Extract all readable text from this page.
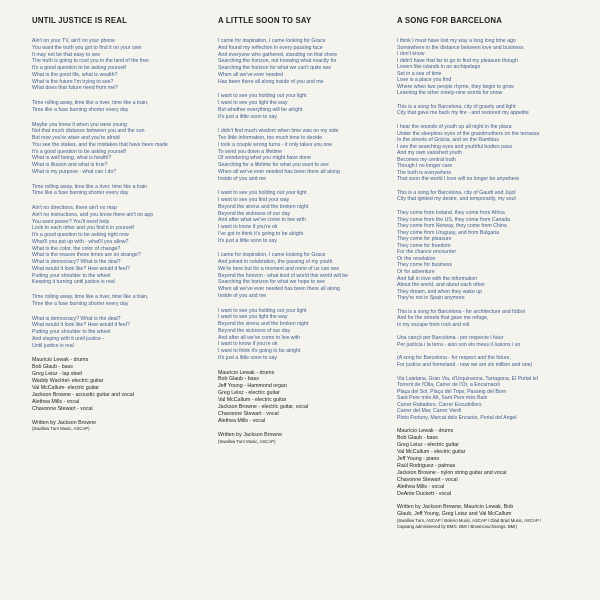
UNTIL JUSTICE IS REAL
Ain't on your TV, ain't on your phone
You want the truth you got to find it on your own
It may not be that easy to see
The truth is going to cost you in the land of the free
It's a good question to be asking yourself
What is the good life, what is wealth?
What is the future I'm trying to see?
What does that future need from me?
Time rolling away, time like a river, time like a train,
Time like a fuse burning shorter every day
Maybe you knew it when you were young
Not that much distance between you and the sun
But now you're wiser and you're afraid
You see the stakes, and the mistakes that have been made
It's a good question to be asking yourself
What is well being, what is health?
What is illusion and what is true?
What is my purpose - what can I do?
Time rolling away, time like a river, time like a train
Time like a fuse burning shorter every day
Ain't no directions, there ain't no map
Ain't no instructions, and you know there ain't no app
You want power? You'll need help
Look to each other and you find it in yourself
It's a good question to be asking right now
What'll you put up with - what'll you allow?
What is the color, the color of change?
What is the reason these times are so strange?
What is democracy? What is the deal?
What would it look like? How would it feel?
Putting your shoulder to the wheel
Keeping it turning until justice is real
Time rolling away, time like a river, time like a train,
Time like a fuse burning shorter every day
What is democracy? What is the deal?
What would it look like? How would it feel?
Putting your shoulder to the wheel
And staying with it until justice -
Until justice is real
Mauricio Lewak - drums
Bob Glaub - bass
Greg Leisz - lap steel
Waddy Wachtel- electric guitar
Val McCallum- electric guitar
Jackson Browne - acoustic guitar and vocal
Alethea Mills - vocal
Chavonne Stewart - vocal
Written by Jackson Browne
(Swallow Turn Music, ASCAP)
A LITTLE SOON TO SAY
I came for inspiration, I came looking for Grace
And found my reflection in every passing face
And everyone who gathered, standing on that shore
Searching the horizon, not knowing what exactly for
Searching the horizon for what we can't quite see
When all we've ever needed
Has been there all along inside of you and me
I want to see you holding out your light
I want to see you light the way
But whether everything will be alright
It's just a little soon to say
I didn't find much wisdom when time was on my side
Too little information, too much time to decide
I took a couple wrong turns - it only takes you one
To send you down a lifetime
Of wondering what you might have done
Searching for a lifetime for what you want to see
When all we've ever needed has been there all along
Inside of you and me
I want to see you holding out your light
I want to see you find your way
Beyond the sirens and the broken night
Beyond the sickness of our day
And after what we've come to live with
I want to know if you're ok
I've got to think it's going to be alright
It's just a little soon to say
I came for inspiration, I came looking for Grace
And joined in celebration, the passing of my youth
We're here but for a moment and none of us can see
Beyond the horizon - what kind of world this world will be
Searching the horizon for what we hope to see
When all we've ever needed has been there all along
Inside of you and me
I want to see you holding out your light
I want to see you light the way
Beyond the sirens and the broken night
Beyond the sickness of our day
And after all we've come to live with
I want to know if you're ok
I want to think it's going to be alright
It's just a little soon to say
Mauricio Lewak - drums
Bob Glaub - bass
Jeff Young - Hammond organ
Greg Leisz - electric guitar
Val McCallum - electric guitar
Jackson Browne - electric guitar, vocal
Chavonne Stewart - vocal
Alethea Mills - vocal
Written by Jackson Browne
(Swallow Turn Music, ASCAP)
A SONG FOR BARCELONA
I think I must have lost my way a long long time ago
Somewhere in the distance between love and business
I don't know
I didn't have that far to go to find my pleasure though
Lovers like islands in an archipelago
Set in a sea of time
Love is a place you find
Where when two people rhyme, they begin to grow
Learning the other ninety-nine words for snow
This is a song for Barcelona, city of gravity and light
City that gave me back my fire - and restored my appetite
I hear the sounds of youth up all night in the plaza
Under the sleepless eyes of the grandmothers on the terrassa
In the streets of Gràcia, and on the Ramblas
I see the searching eyes and youthful bodies pass
And my own vanished youth
Becomes my central truth
Though I no longer care
The truth is everywhere
That soon the world I love will no longer be anywhere
This is a song for Barcelona, city of Gaudí and Jujol
City that ignited my desire, and temporarily, my soul
They come from Ireland, they come from Africa
They come from the US, they come from Canada
They come from Norway, they come from China
They come from Uruguay, and from Bulgaria
They come for pleasure
They come for freedom
For the chance encounter
Or the revelation
They come for business
Or for adventure
And fall in love with the information
About the world, and about each other
They dream, and when they wake up
They're not in Spain anymore
This is a song for Barcelona - for architecture and fútbol
And for the streets that gave me refuge,
In my escape from rock and roll
Una cançó per Barcelona - per respecte i futur
Per justícia i la terra - aixo son els meus il·lusions i un
(A song for Barcelona - for respect and the future,
For justice and homeland - now we are six million and one)
Via Laietana, Gran Via, d'Urquinaona, Tarragona, El Portal lel
Torrent de l'Olla, Carrer de l'Or, a Encarnació
Plaça del Sol, Plaça del Trips, Passeig del Born
Sant Pere més Alt, Sant Pere més Baix
Carrer Rabadors, Carrer Escudellers
Carrer del Mar, Carrer Verdi
Pinto Fortuny, Marcat dels Encants, Portal del Angel
Mauricio Lewak - drums
Bob Glaub - bass
Greg Leisz - electric guitar
Val McCallum - electric guitar
Jeff Young - piano
Raúl Rodriguez - palmas
Jackson Browne - nylon string guitar and vocal
Chavonne Stewart - vocal
Alethea Mills - vocal
DeAnte Duckett - vocal
Written by Jackson Browne, Mauricio Lewak, Bob
Glaub, Jeff Young, Greg Leisz and Val McCallum
(Swallow Turn, ASCAP / Bolerio Music, ASCAP / Glad Brad Music, ASCAP /
Capsang administered by BMG, BMI / Browncouchsongs, BMI)
